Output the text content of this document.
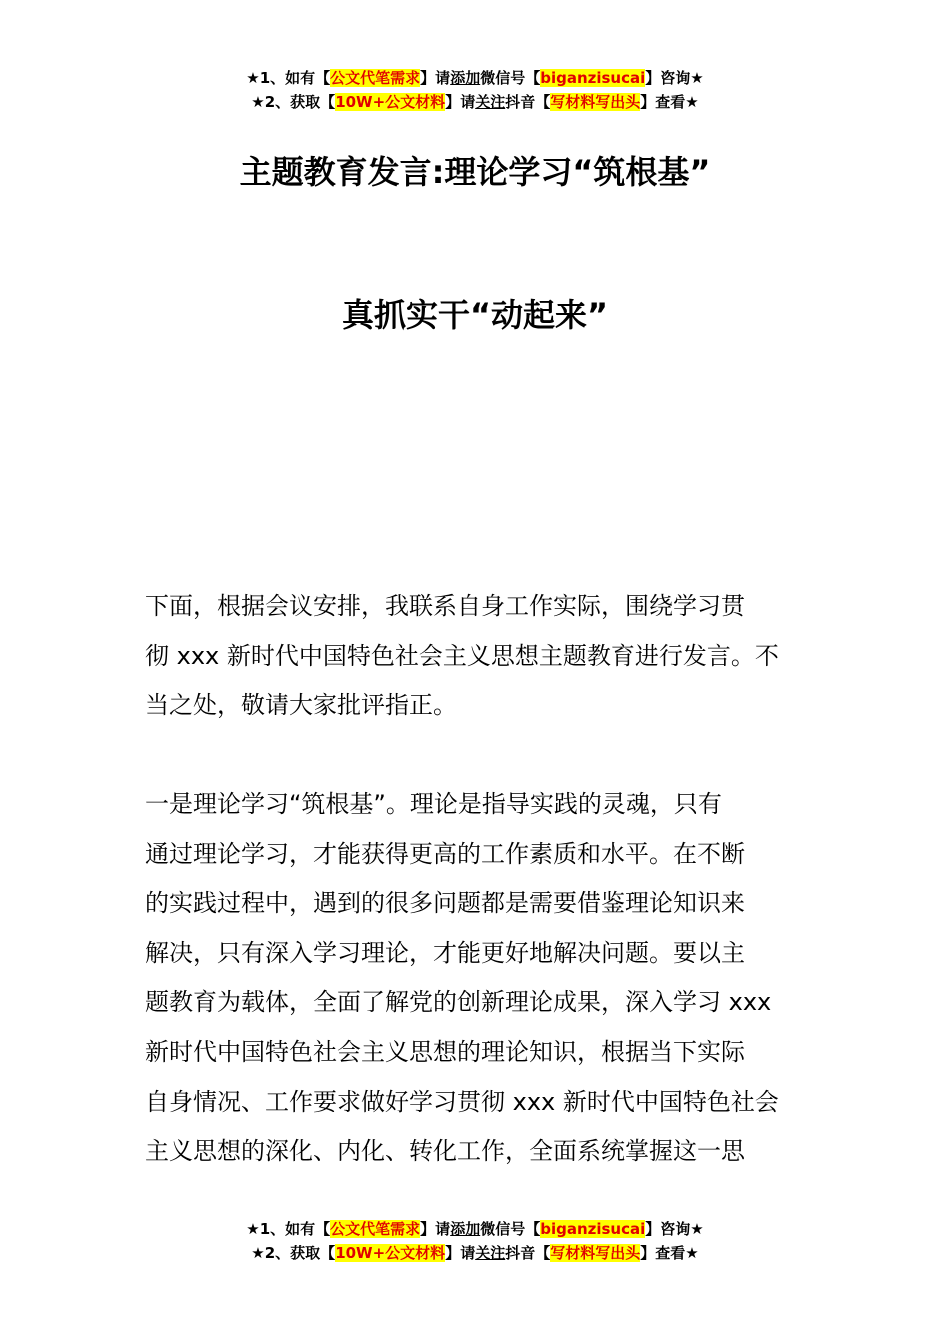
★1、如有【公文代笔需求】请添加微信号【biganzisucai】咨询★
★2、获取【10W+公文材料】请关注抖音【写材料写出头】查看★
主题教育发言:理论学习“筑根基”
真抓实干“动起来”
下面，根据会议安排，我联系自身工作实际，围绕学习贯
彻 xxx 新时代中国特色社会主义思想主题教育进行发言。不
当之处，敬请大家批评指正。
一是理论学习“筑根基”。理论是指导实践的灵魂，只有
通过理论学习，才能获得更高的工作素质和水平。在不断
的实践过程中，遇到的很多问题都是需要借鉴理论知识来
解决，只有深入学习理论，才能更好地解决问题。要以主
题教育为载体，全面了解党的创新理论成果，深入学习 xxx
新时代中国特色社会主义思想的理论知识，根据当下实际
自身情况、工作要求做好学习贯彻 xxx 新时代中国特色社会
主义思想的深化、内化、转化工作，全面系统掌握这一思
★1、如有【公文代笔需求】请添加微信号【biganzisucai】咨询★
★2、获取【10W+公文材料】请关注抖音【写材料写出头】查看★
